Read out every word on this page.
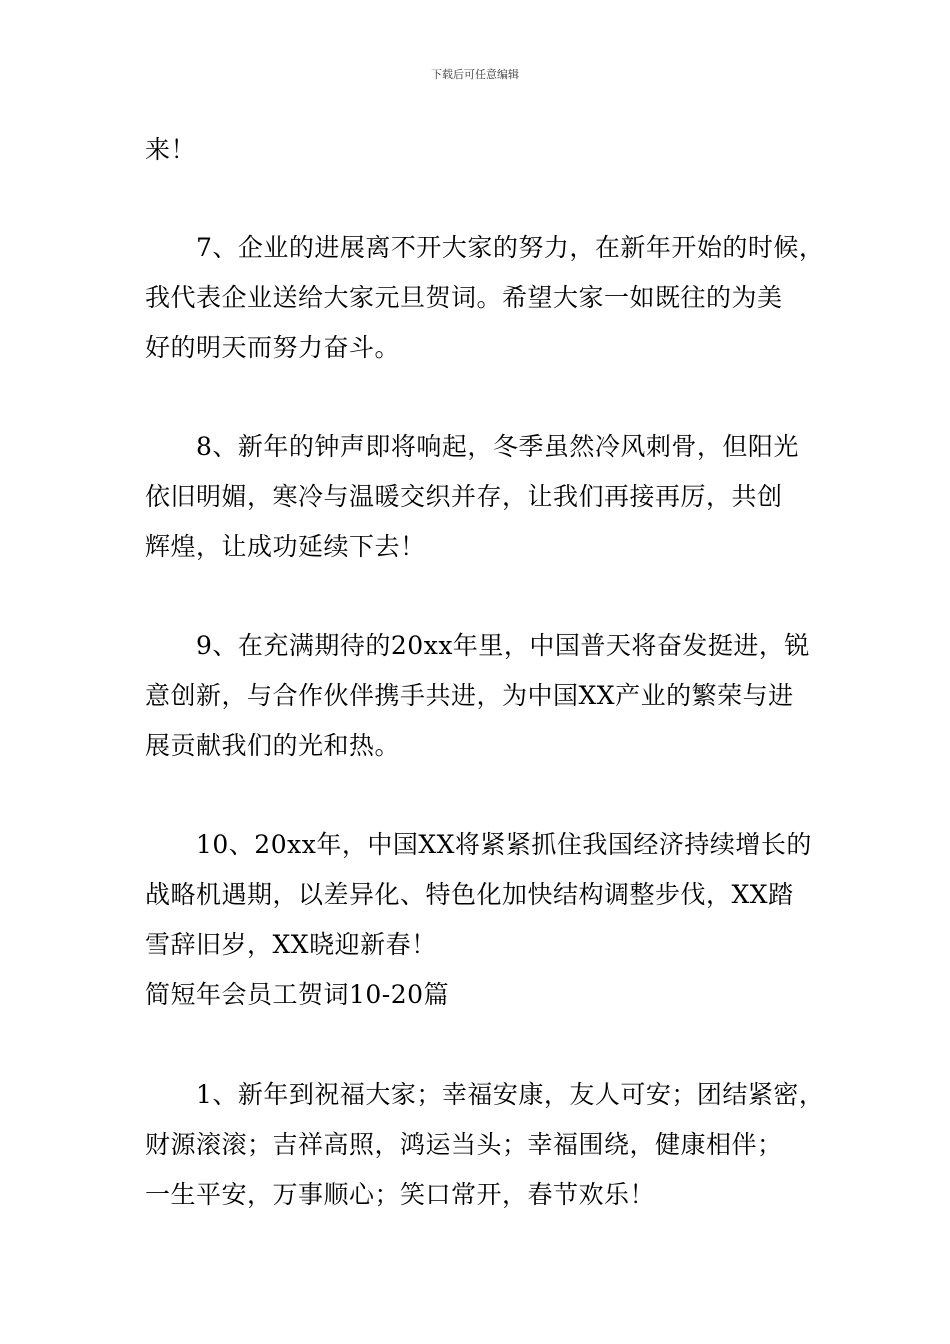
下载后可任意编辑
来！
　　7、企业的进展离不开大家的努力，在新年开始的时候，
我代表企业送给大家元旦贺词。希望大家一如既往的为美
好的明天而努力奋斗。
　　8、新年的钟声即将响起，冬季虽然冷风刺骨，但阳光
依旧明媚，寒冷与温暖交织并存，让我们再接再厉，共创
辉煌，让成功延续下去！
　　9、在充满期待的20xx年里，中国普天将奋发挺进，锐
意创新，与合作伙伴携手共进，为中国XX产业的繁荣与进
展贡献我们的光和热。
　　10、20xx年，中国XX将紧紧抓住我国经济持续增长的
战略机遇期，以差异化、特色化加快结构调整步伐，XX踏
雪辞旧岁，XX晓迎新春！
简短年会员工贺词10-20篇
　　1、新年到祝福大家；幸福安康，友人可安；团结紧密，
财源滚滚；吉祥高照，鸿运当头；幸福围绕，健康相伴；
一生平安，万事顺心；笑口常开，春节欢乐！
